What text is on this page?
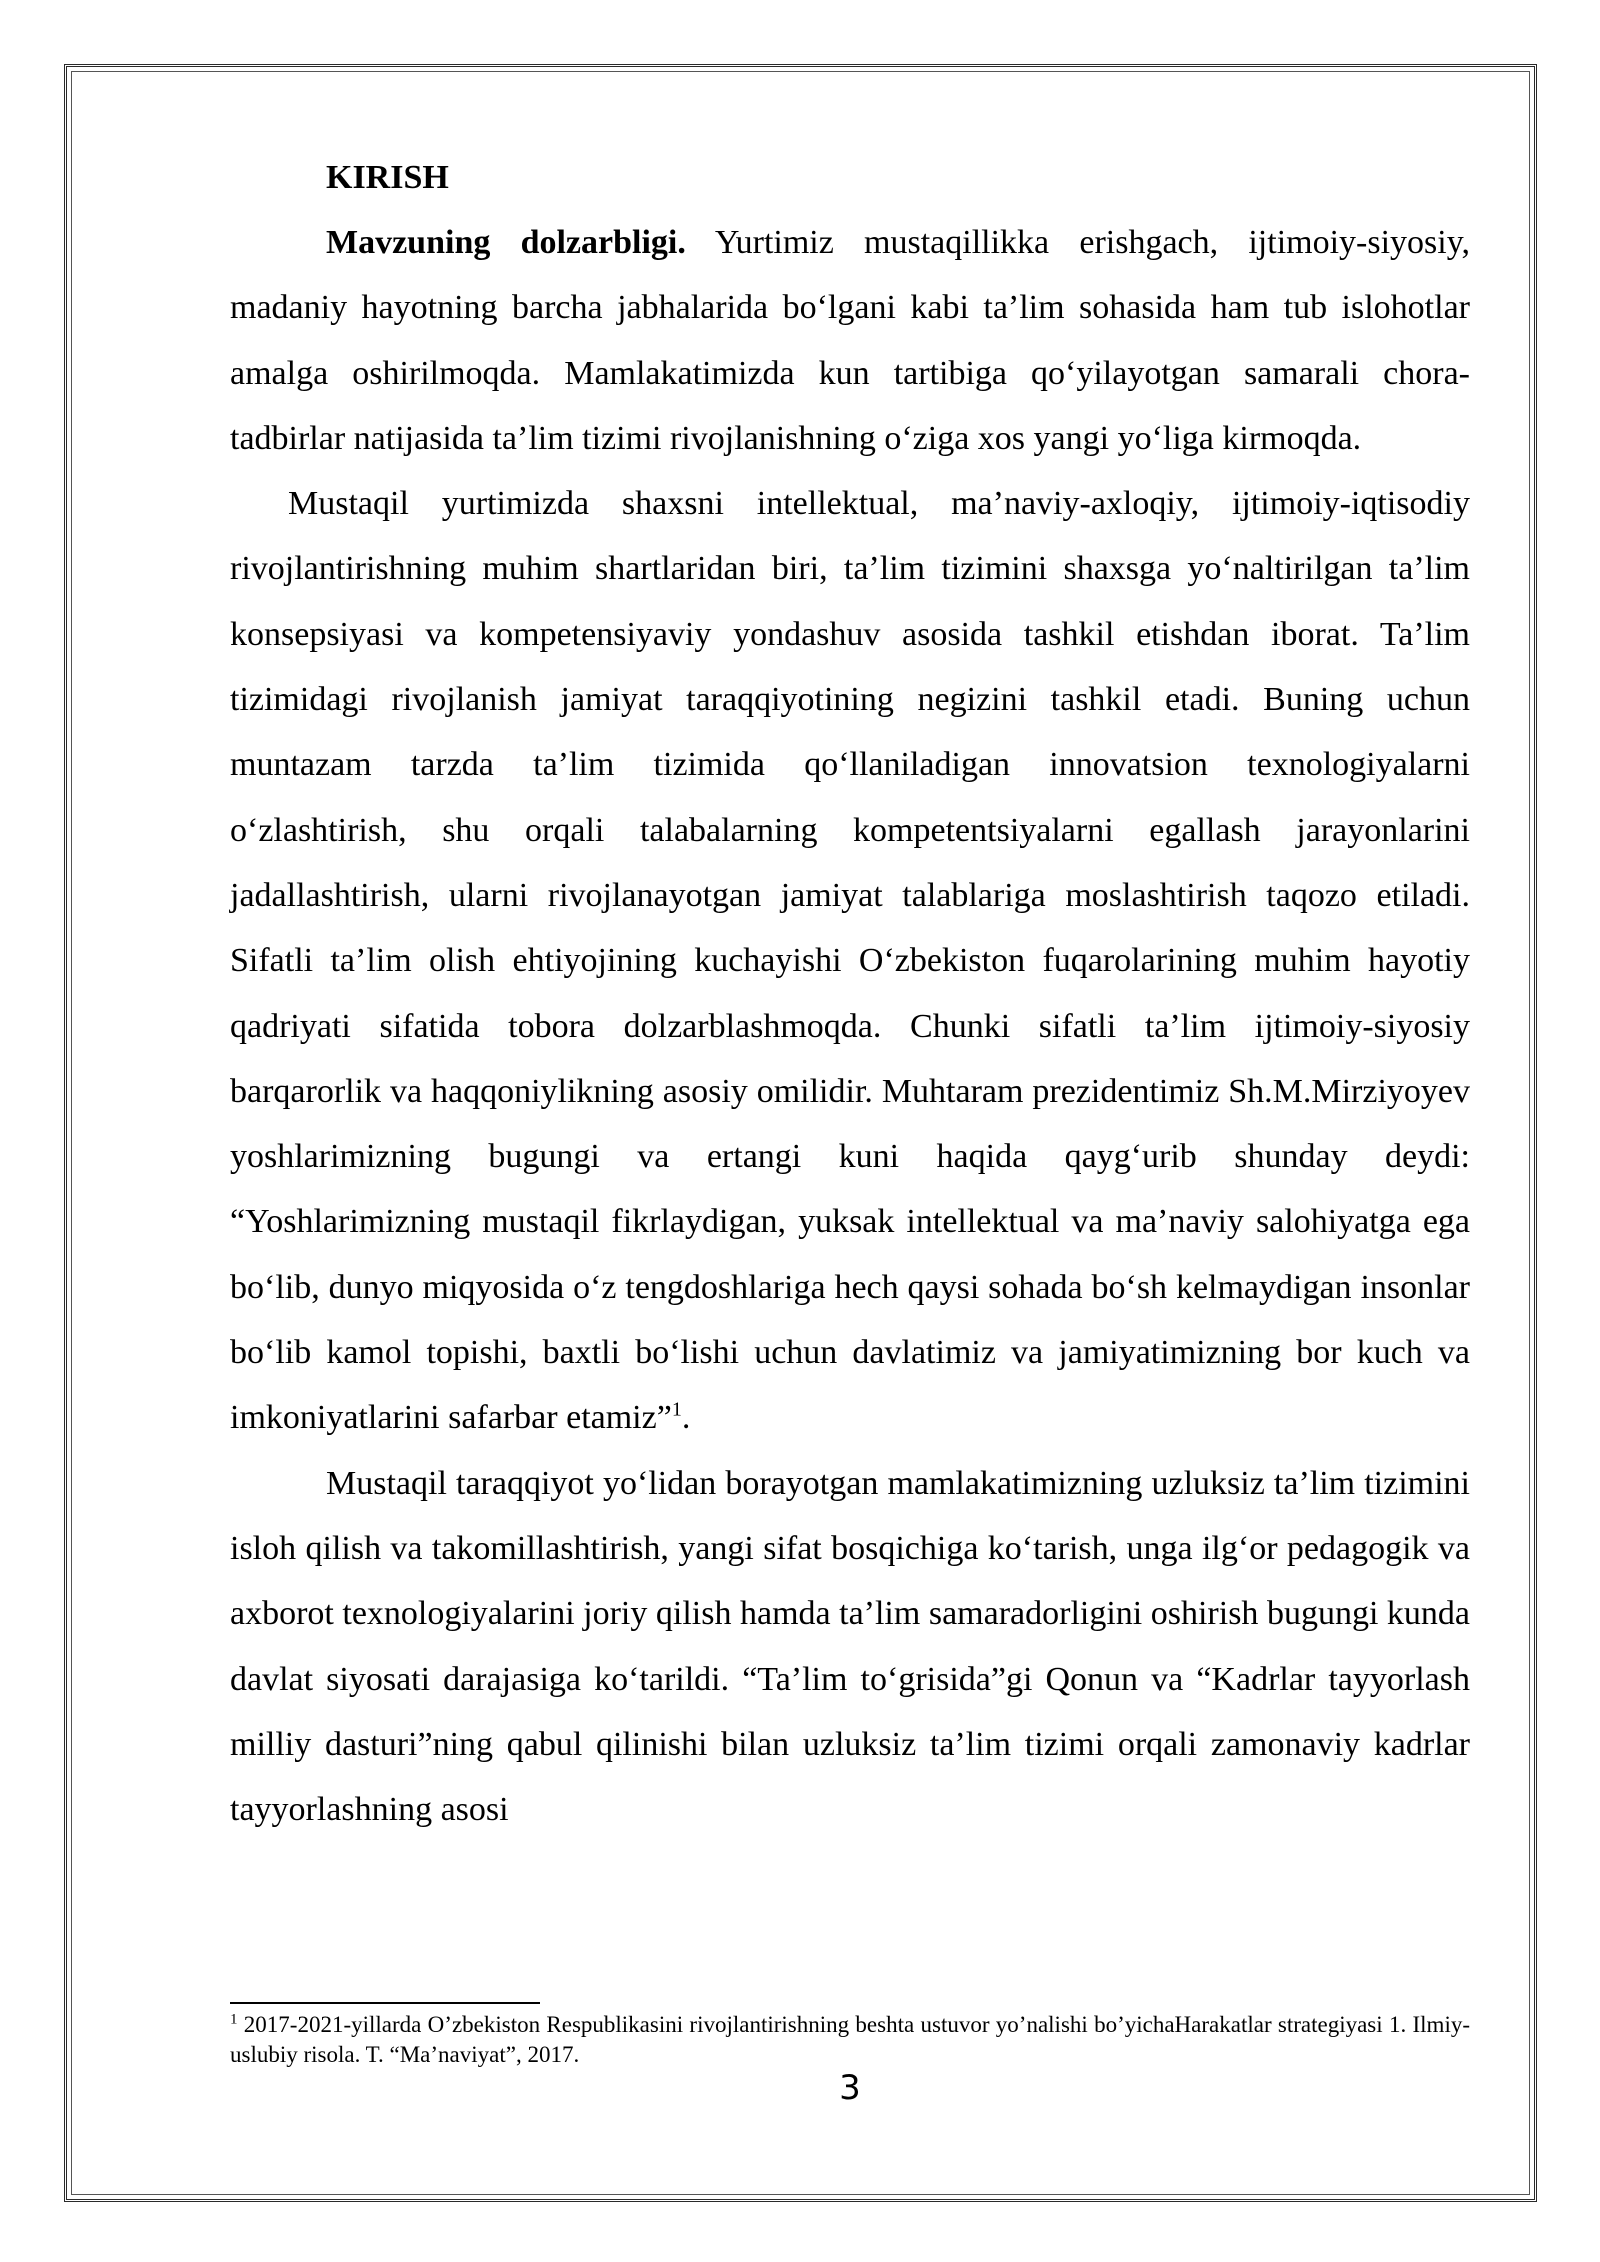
KIRISH

Mavzuning dolzarbligi. Yurtimiz mustaqillikka erishgach, ijtimoiy-siyosiy, madaniy hayotning barcha jabhalarida bo‘lgani kabi ta’lim sohasida ham tub islohotlar amalga oshirilmoqda. Mamlakatimizda kun tartibiga qo‘yilayotgan samarali chora-tadbirlar natijasida ta’lim tizimi rivojlanishning o‘ziga xos yangi yo‘liga kirmoqda.

Mustaqil yurtimizda shaxsni intellektual, ma’naviy-axloqiy, ijtimoiy-iqtisodiy rivojlantirishning muhim shartlaridan biri, ta’lim tizimini shaxsga yo‘naltirilgan ta’lim konsepsiyasi va kompetensiyaviy yondashuv asosida tashkil etishdan iborat. Ta’lim tizimidagi rivojlanish jamiyat taraqqiyotining negizini tashkil etadi. Buning uchun muntazam tarzda ta’lim tizimida qo‘llaniladigan innovatsion texnologiyalarni o‘zlashtirish, shu orqali talabalarning kompetentsiyalarni egallash jarayonlarini jadallashtirish, ularni rivojlanayotgan jamiyat talablariga moslashtirish taqozo etiladi. Sifatli ta’lim olish ehtiyojining kuchayishi O‘zbekiston fuqarolarining muhim hayotiy qadriyati sifatida tobora dolzarblashmoqda. Chunki sifatli ta’lim ijtimoiy-siyosiy barqarorlik va haqqoniylikning asosiy omilidir. Muhtaram prezidentimiz Sh.M.Mirziyoyev yoshlarimizning bugungi va ertangi kuni haqida qayg‘urib shunday deydi: “Yoshlarimizning mustaqil fikrlaydigan, yuksak intellektual va ma’naviy salohiyatga ega bo‘lib, dunyo miqyosida o‘z tengdoshlariga hech qaysi sohada bo‘sh kelmaydigan insonlar bo‘lib kamol topishi, baxtli bo‘lishi uchun davlatimiz va jamiyatimizning bor kuch va imkoniyatlarini safarbar etamiz”$^1$.

Mustaqil taraqqiyot yo‘lidan borayotgan mamlakatimizning uzluksiz ta’lim tizimini isloh qilish va takomillashtirish, yangi sifat bosqichiga ko‘tarish, unga ilg‘or pedagogik va axborot texnologiyalarini joriy qilish hamda ta’lim samaradorligini oshirish bugungi kunda davlat siyosati darajasiga ko‘tarildi. “Ta’lim to‘grisida”gi Qonun va “Kadrlar tayyorlash milliy dasturi”ning qabul qilinishi bilan uzluksiz ta’lim tizimi orqali zamonaviy kadrlar tayyorlashning asosi

$^1$ 2017-2021-yillarda O’zbekiston Respublikasini rivojlantirishning beshta ustuvor yo’nalishi bo’yichaHarakatlar strategiyasi 1. Ilmiy-uslubiy risola. T. “Ma’naviyat”, 2017.
3
